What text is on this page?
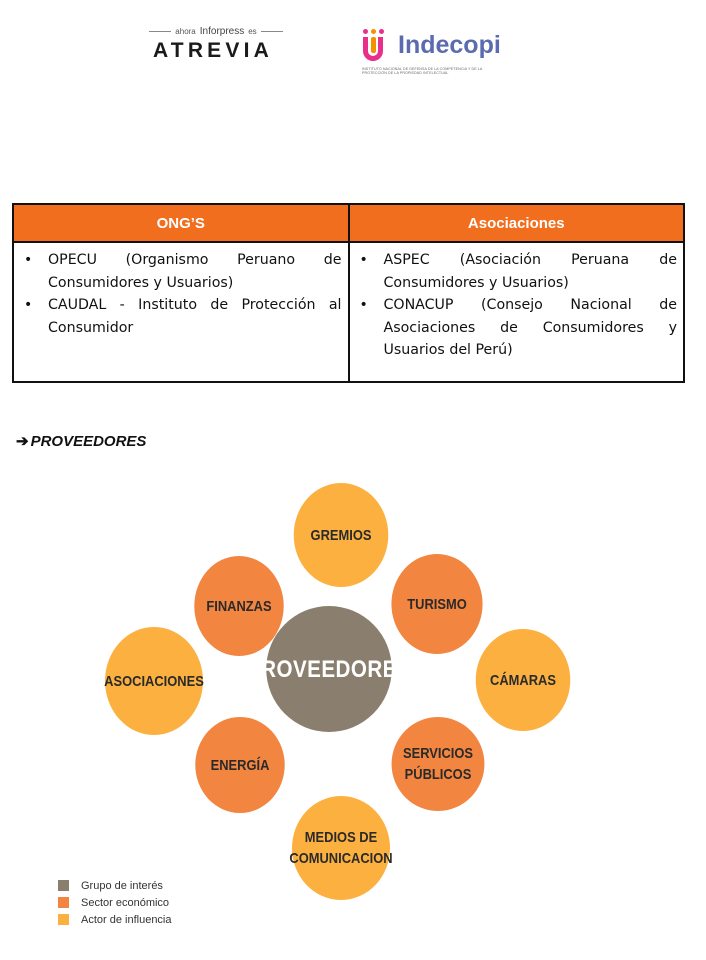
ahora Inforpress es
ATREVIA	Indecopi
INSTITUTO NACIONAL DE DEFENSA DE LA COMPETENCIA Y DE LA PROTECCIÓN DE LA PROPIEDAD INTELECTUAL
ONG’S
• OPECU (Organismo Peruano de Consumidores y Usuarios)
• CAUDAL - Instituto de Protección al Consumidor
Asociaciones
• ASPEC (Asociación Peruana de Consumidores y Usuarios)
• CONACUP (Consejo Nacional de Asociaciones de Consumidores y Usuarios del Perú)
➔ PROVEEDORES
GREMIOS
FINANZAS	TURISMO
ASOCIACIONES PROVEEDORES	CÁMARAS
ENERGÍA
SERVICIOS
PÚBLICOS
MEDIOS DE
COMUNICACION
Grupo de interés
Sector económico
Actor de influencia
